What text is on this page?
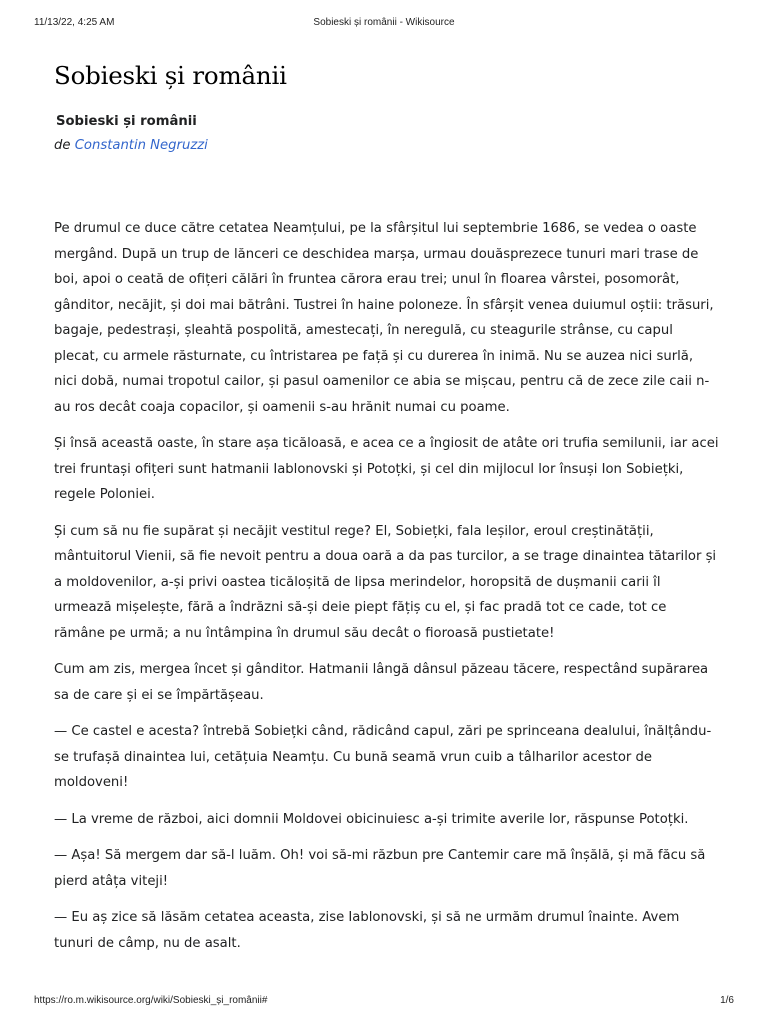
11/13/22, 4:25 AM	Sobieski și românii - Wikisource
Sobieski și românii
Sobieski și românii
de Constantin Negruzzi

Pe drumul ce duce către cetatea Neamțului, pe la sfârșitul lui septembrie 1686, se vedea o oaste mergând. După un trup de lănceri ce deschidea marșa, urmau douăsprezece tunuri mari trase de boi, apoi o ceată de ofițeri călări în fruntea cărora erau trei; unul în floarea vârstei, posomorât, gânditor, necăjit, și doi mai bătrâni. Tustrei în haine poloneze. În sfârșit venea duiumul oștii: trăsuri, bagaje, pedestrași, șleahtă pospolită, amestecați, în neregulă, cu steagurile strânse, cu capul plecat, cu armele răsturnate, cu întristarea pe față și cu durerea în inimă. Nu se auzea nici surlă, nici dobă, numai tropotul cailor, și pasul oamenilor ce abia se mișcau, pentru că de zece zile caii n-au ros decât coaja copacilor, și oamenii s-au hrănit numai cu poame.

Și însă această oaste, în stare așa ticăloasă, e acea ce a îngiosit de atâte ori trufia semilunii, iar acei trei fruntași ofițeri sunt hatmanii Iablonovski și Potoțki, și cel din mijlocul lor însuși Ion Sobiețki, regele Poloniei.

Și cum să nu fie supărat și necăjit vestitul rege? El, Sobiețki, fala leșilor, eroul creștinătății, mântuitorul Vienii, să fie nevoit pentru a doua oară a da pas turcilor, a se trage dinaintea tătarilor și a moldovenilor, a-și privi oastea ticăloșită de lipsa merindelor, horopsită de dușmanii carii îl urmează mișelește, fără a îndrăzni să-și deie piept fățiș cu el, și fac pradă tot ce cade, tot ce rămâne pe urmă; a nu întâmpina în drumul său decât o fioroasă pustietate!

Cum am zis, mergea încet și gânditor. Hatmanii lângă dânsul păzeau tăcere, respectând supărarea sa de care și ei se împărtășeau.

— Ce castel e acesta? întrebă Sobiețki când, rădicând capul, zări pe sprinceana dealului, înălțându-se trufașă dinaintea lui, cetățuia Neamțu. Cu bună seamă vrun cuib a tâlharilor acestor de moldoveni!

— La vreme de război, aici domnii Moldovei obicinuiesc a-și trimite averile lor, răspunse Potoțki.

— Așa! Să mergem dar să-l luăm. Oh! voi să-mi răzbun pre Cantemir care mă înșălă, și mă făcu să pierd atâța viteji!

— Eu aș zice să lăsăm cetatea aceasta, zise Iablonovski, și să ne urmăm drumul înainte. Avem tunuri de câmp, nu de asalt.

https://ro.m.wikisource.org/wiki/Sobieski_și_românii#	1/6
